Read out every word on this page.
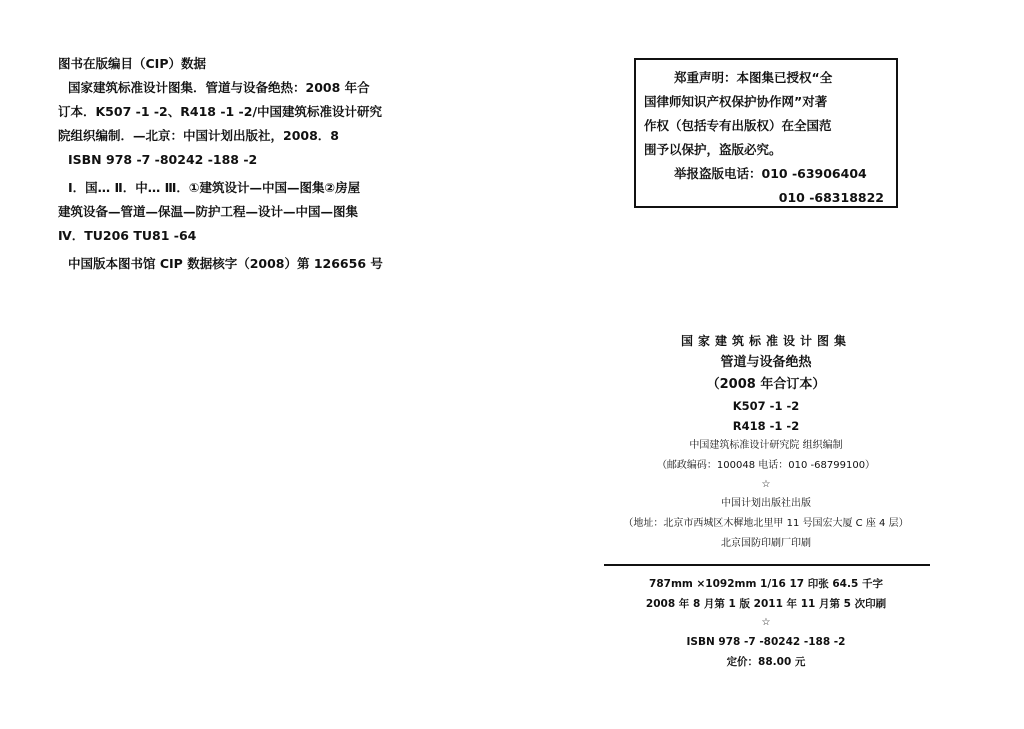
图书在版编目（CIP）数据
国家建筑标准设计图集．管道与设备绝热：2008 年合
订本．K507 -1 -2、R418 -1 -2/中国建筑标准设计研究
院组织编制．—北京：中国计划出版社，2008．8
ISBN 978 -7 -80242 -188 -2
Ⅰ．国… Ⅱ．中… Ⅲ．①建筑设计—中国—图集②房屋
建筑设备—管道—保温—防护工程—设计—中国—图集
Ⅳ．TU206 TU81 -64
中国版本图书馆 CIP 数据核字（2008）第 126656 号
郑重声明：本图集已授权“全
国律师知识产权保护协作网”对著
作权（包括专有出版权）在全国范
围予以保护，盗版必究。
举报盗版电话：010 -63906404
010 -68318822
国家建筑标准设计图集
管道与设备绝热
（2008 年合订本）
K507 -1 -2
R418 -1 -2
中国建筑标准设计研究院 组织编制
（邮政编码：100048 电话：010 -68799100）
☆
中国计划出版社出版
（地址：北京市西城区木樨地北里甲 11 号国宏大厦 C 座 4 层）
北京国防印刷厂印刷
787mm ×1092mm 1/16 17 印张 64.5 千字
2008 年 8 月第 1 版 2011 年 11 月第 5 次印刷
☆
ISBN 978 -7 -80242 -188 -2
定价：88.00 元
